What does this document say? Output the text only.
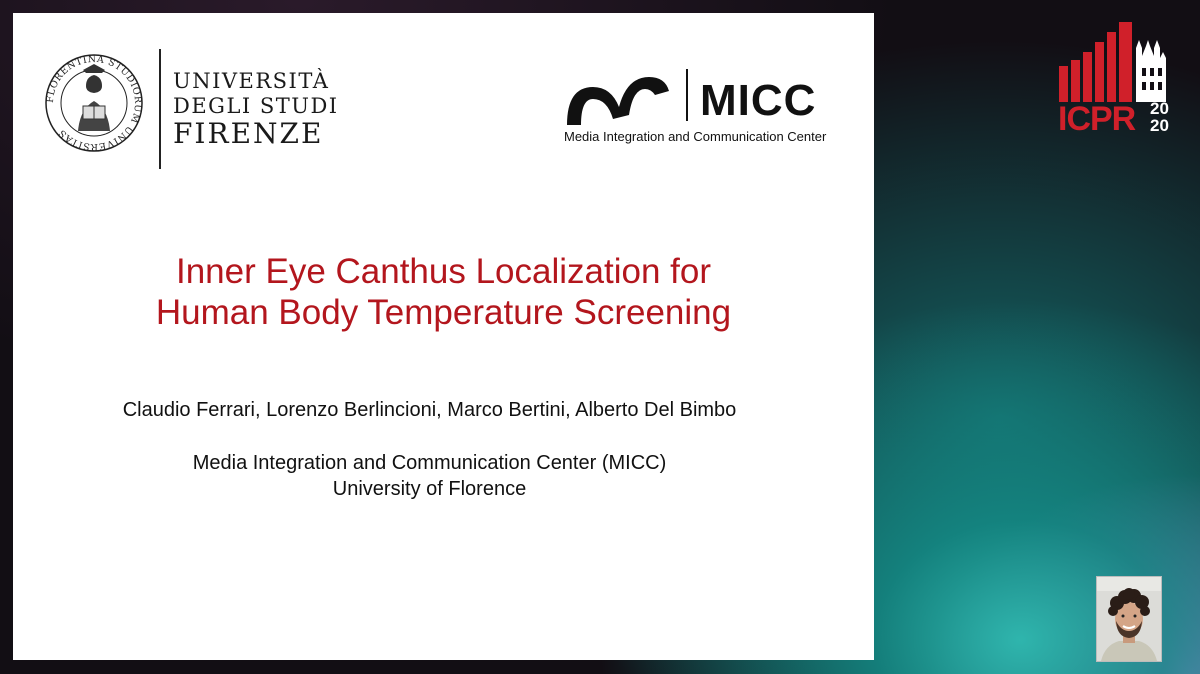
FLORENTINA STUDIORUM UNIVERSITAS
UNIVERSITÀ
DEGLI STUDI
FIRENZE
MICC
Media Integration and Communication Center
Inner Eye Canthus Localization for
Human Body Temperature Screening
Claudio Ferrari, Lorenzo Berlincioni, Marco Bertini, Alberto Del Bimbo
Media Integration and Communication Center (MICC)
University of Florence
ICPR 20
20
